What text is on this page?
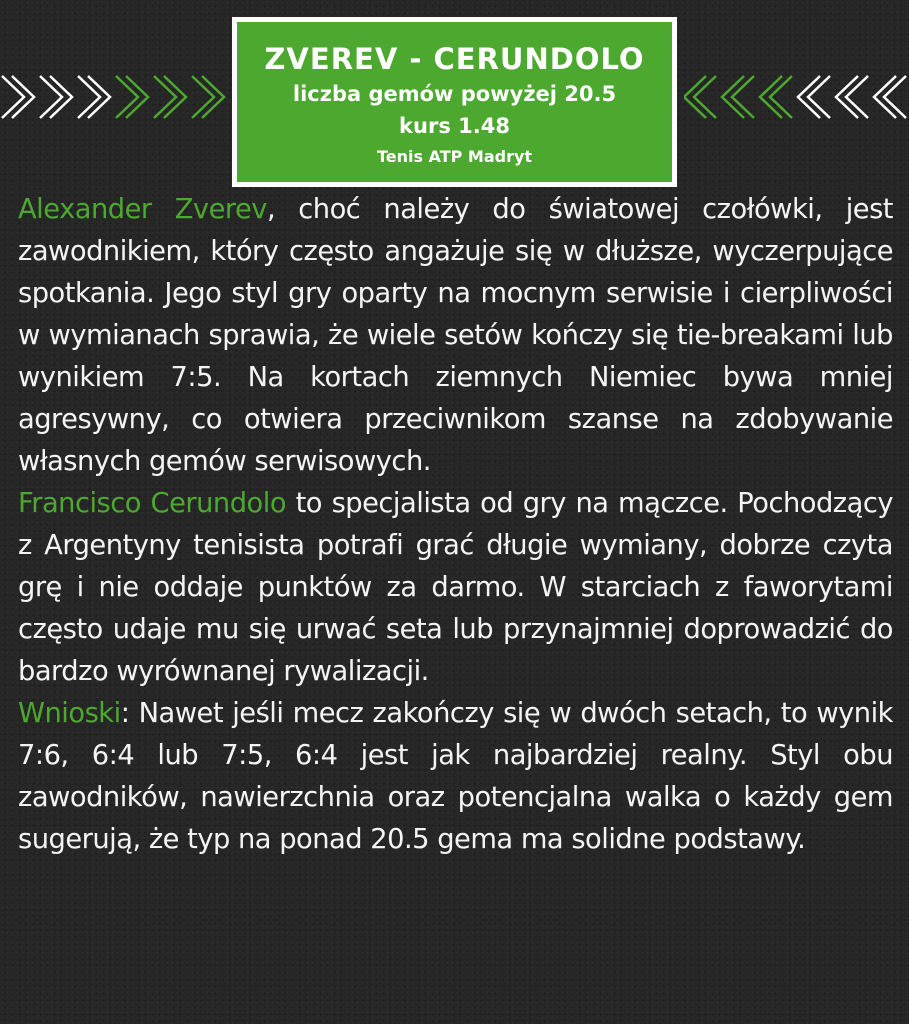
ZVEREV - CERUNDOLO
liczba gemów powyżej 20.5
kurs 1.48
Tenis ATP Madryt

Alexander Zverev, choć należy do światowej czołówki, jest zawodnikiem, który często angażuje się w dłuższe, wyczerpujące spotkania. Jego styl gry oparty na mocnym serwisie i cierpliwości w wymianach sprawia, że wiele setów kończy się tie-breakami lub wynikiem 7:5. Na kortach ziemnych Niemiec bywa mniej agresywny, co otwiera przeciwnikom szanse na zdobywanie własnych gemów serwisowych.

Francisco Cerundolo to specjalista od gry na mączce. Pochodzący z Argentyny tenisista potrafi grać długie wymiany, dobrze czyta grę i nie oddaje punktów za darmo. W starciach z faworytami często udaje mu się urwać seta lub przynajmniej doprowadzić do bardzo wyrównanej rywalizacji.

Wnioski: Nawet jeśli mecz zakończy się w dwóch setach, to wynik 7:6, 6:4 lub 7:5, 6:4 jest jak najbardziej realny. Styl obu zawodników, nawierzchnia oraz potencjalna walka o każdy gem sugerują, że typ na ponad 20.5 gema ma solidne podstawy.
